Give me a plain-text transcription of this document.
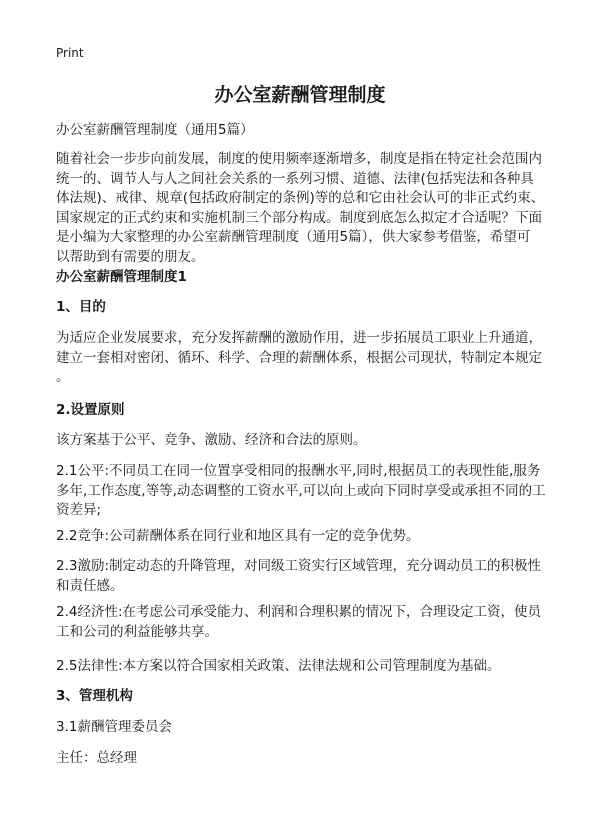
Print
办公室薪酬管理制度
办公室薪酬管理制度（通用5篇）
随着社会一步步向前发展，制度的使用频率逐渐增多，制度是指在特定社会范围内
统一的、调节人与人之间社会关系的一系列习惯、道德、法律(包括宪法和各种具
体法规)、戒律、规章(包括政府制定的条例)等的总和它由社会认可的非正式约束、
国家规定的正式约束和实施机制三个部分构成。制度到底怎么拟定才合适呢？下面
是小编为大家整理的办公室薪酬管理制度（通用5篇），供大家参考借鉴，希望可
以帮助到有需要的朋友。
办公室薪酬管理制度1
1、目的
为适应企业发展要求，充分发挥薪酬的激励作用，进一步拓展员工职业上升通道，
建立一套相对密闭、循环、科学、合理的薪酬体系，根据公司现状，特制定本规定
。
2.设置原则
该方案基于公平、竞争、激励、经济和合法的原则。
2.1公平:不同员工在同一位置享受相同的报酬水平,同时,根据员工的表现性能,服务
多年,工作态度,等等,动态调整的工资水平,可以向上或向下同时享受或承担不同的工
资差异;
2.2竞争:公司薪酬体系在同行业和地区具有一定的竞争优势。
2.3激励:制定动态的升降管理，对同级工资实行区域管理，充分调动员工的积极性
和责任感。
2.4经济性:在考虑公司承受能力、利润和合理积累的情况下，合理设定工资，使员
工和公司的利益能够共享。
2.5法律性:本方案以符合国家相关政策、法律法规和公司管理制度为基础。
3、管理机构
3.1薪酬管理委员会
主任：总经理
